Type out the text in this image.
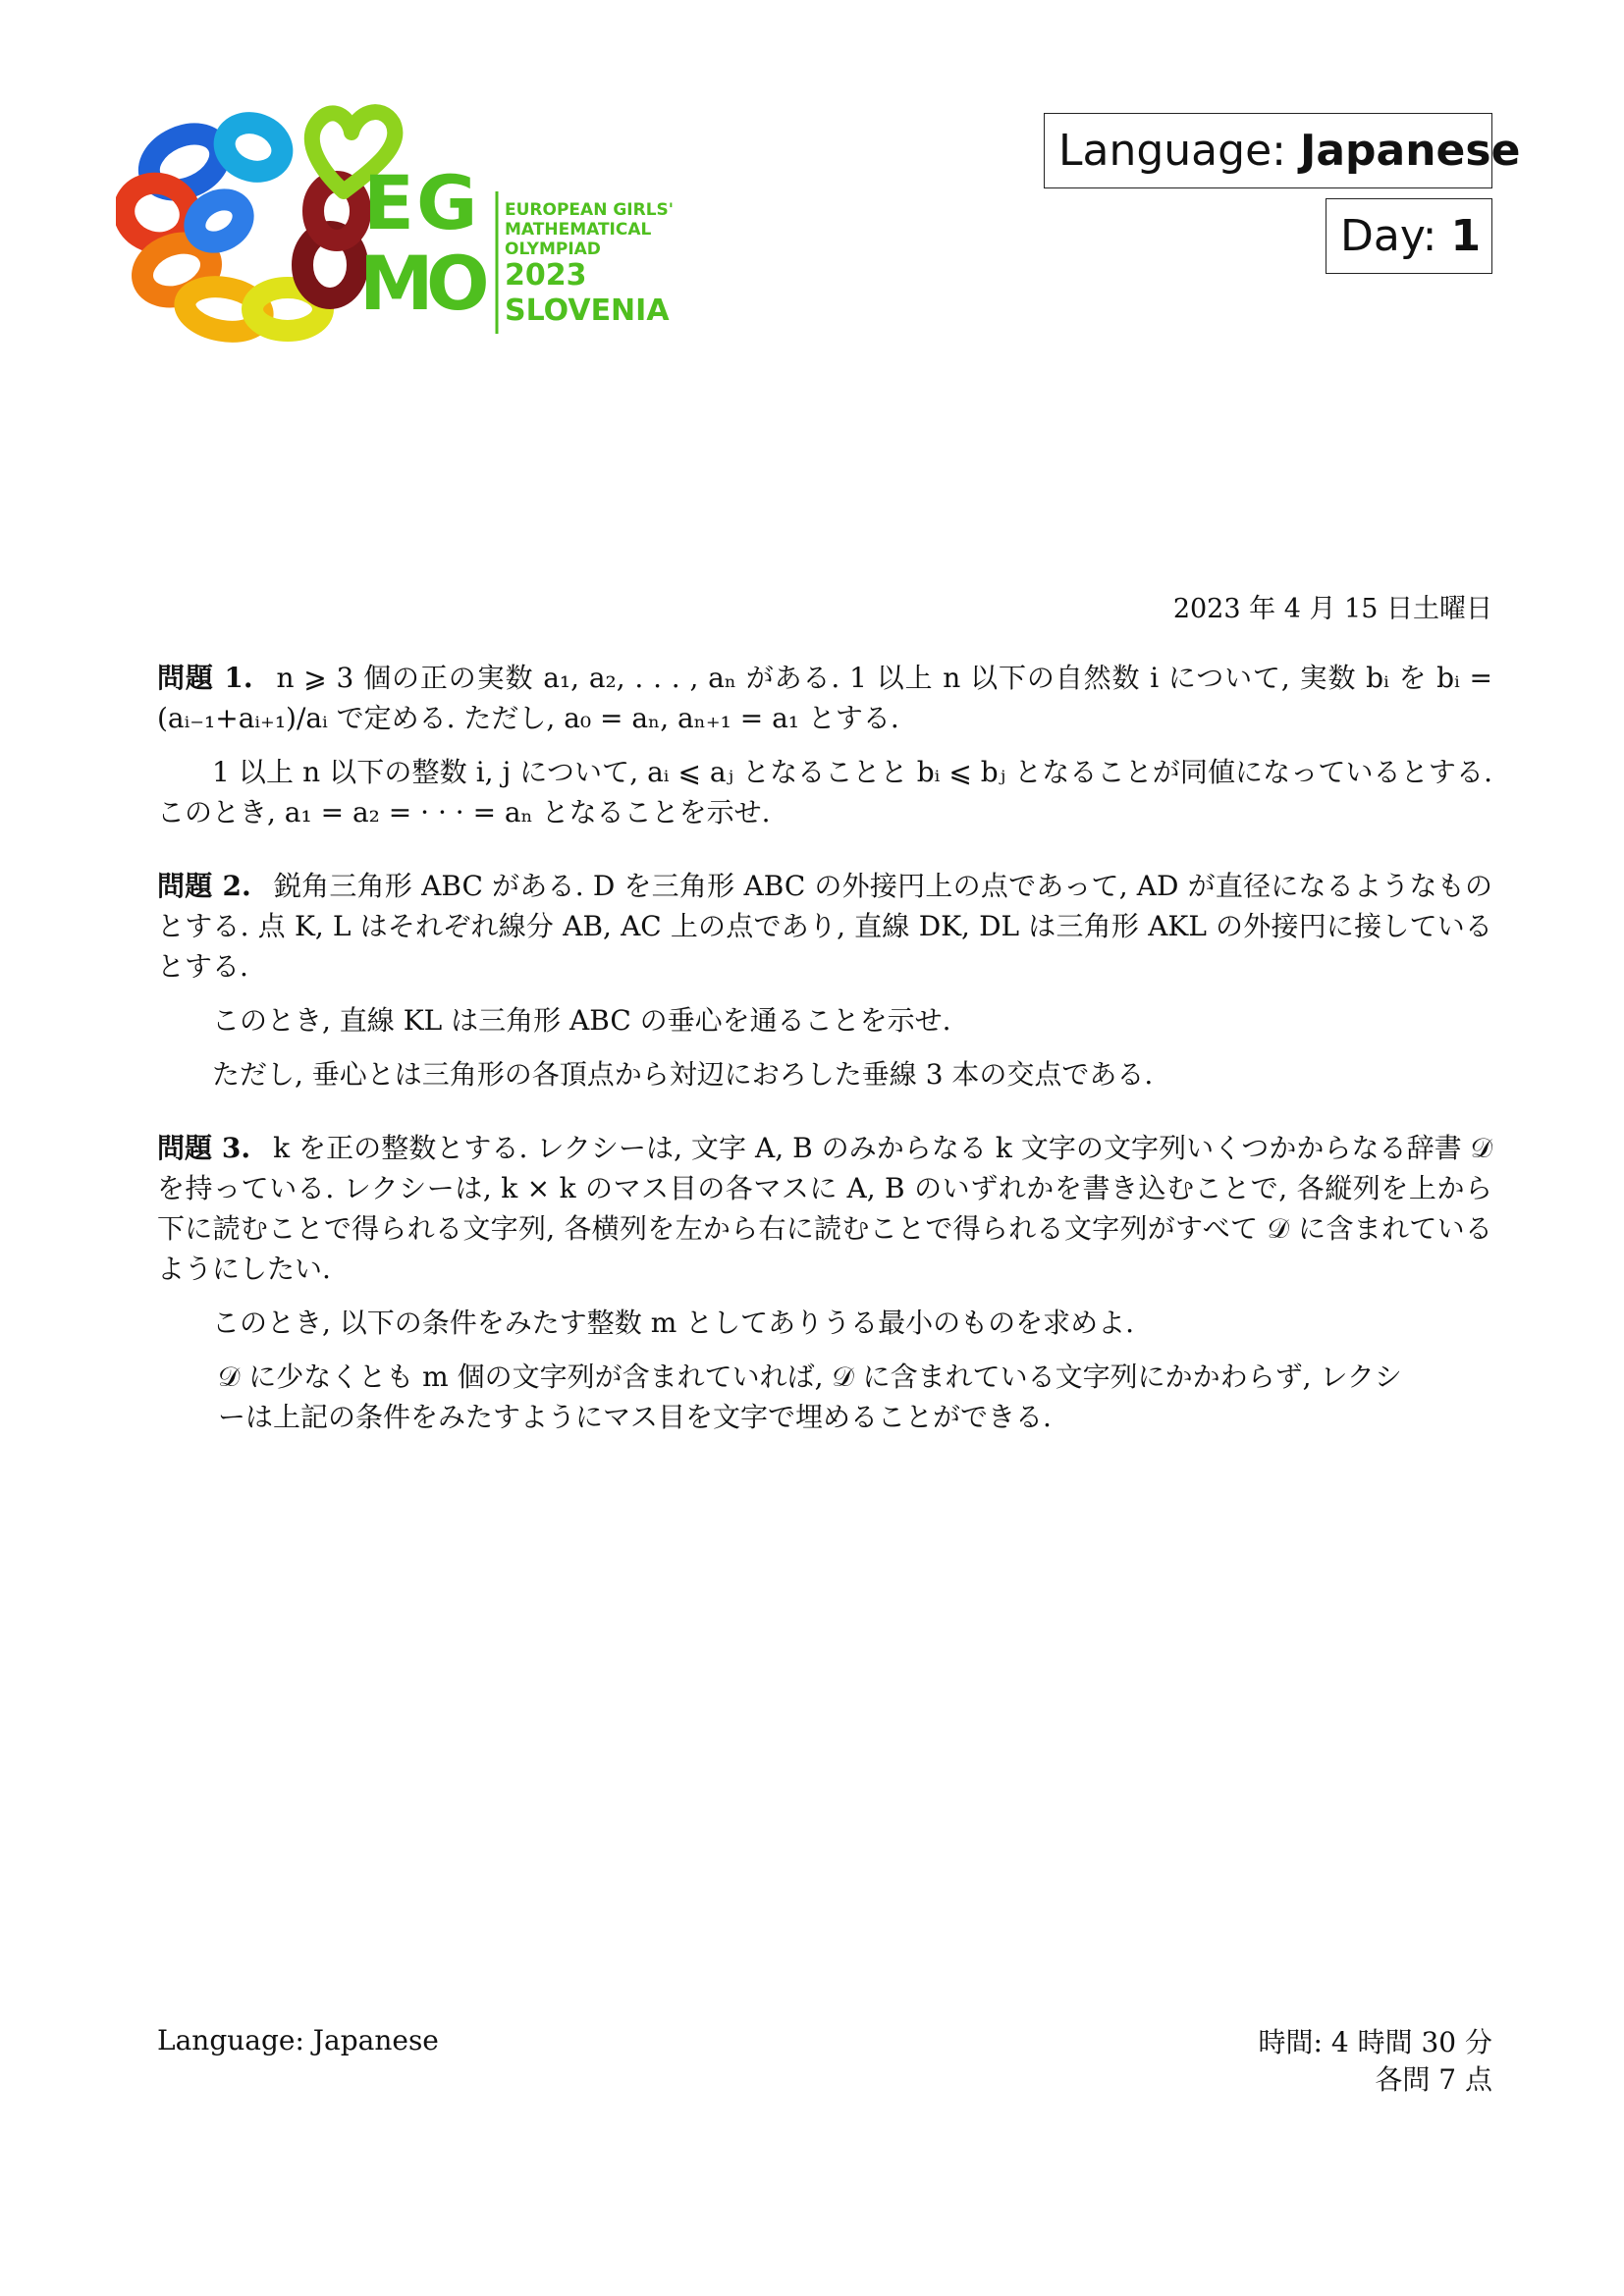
E G
M
O
EUROPEAN GIRLS'
MATHEMATICAL
OLYMPIAD
2023
SLOVENIA
Language: Japanese
Day: 1
2023 年 4 月 15 日土曜日

問題 1. n ⩾ 3 個の正の実数 a₁, a₂, . . . , aₙ がある. 1 以上 n 以下の自然数 i について, 実数 bᵢ を bᵢ = (aᵢ₋₁+aᵢ₊₁)/aᵢ で定める. ただし, a₀ = aₙ, aₙ₊₁ = a₁ とする.

1 以上 n 以下の整数 i, j について, aᵢ ⩽ aⱼ となることと bᵢ ⩽ bⱼ となることが同値になっているとする. このとき, a₁ = a₂ = · · · = aₙ となることを示せ.

問題 2. 鋭角三角形 ABC がある. D を三角形 ABC の外接円上の点であって, AD が直径になるようなものとする. 点 K, L はそれぞれ線分 AB, AC 上の点であり, 直線 DK, DL は三角形 AKL の外接円に接しているとする.

このとき, 直線 KL は三角形 ABC の垂心を通ることを示せ.

ただし, 垂心とは三角形の各頂点から対辺におろした垂線 3 本の交点である.

問題 3. k を正の整数とする. レクシーは, 文字 A, B のみからなる k 文字の文字列いくつかからなる辞書 𝒟 を持っている. レクシーは, k × k のマス目の各マスに A, B のいずれかを書き込むことで, 各縦列を上から下に読むことで得られる文字列, 各横列を左から右に読むことで得られる文字列がすべて 𝒟 に含まれているようにしたい.

このとき, 以下の条件をみたす整数 m としてありうる最小のものを求めよ.

𝒟 に少なくとも m 個の文字列が含まれていれば, 𝒟 に含まれている文字列にかかわらず, レクシーは上記の条件をみたすようにマス目を文字で埋めることができる.
Language: Japanese	時間: 4 時間 30 分
各問 7 点
